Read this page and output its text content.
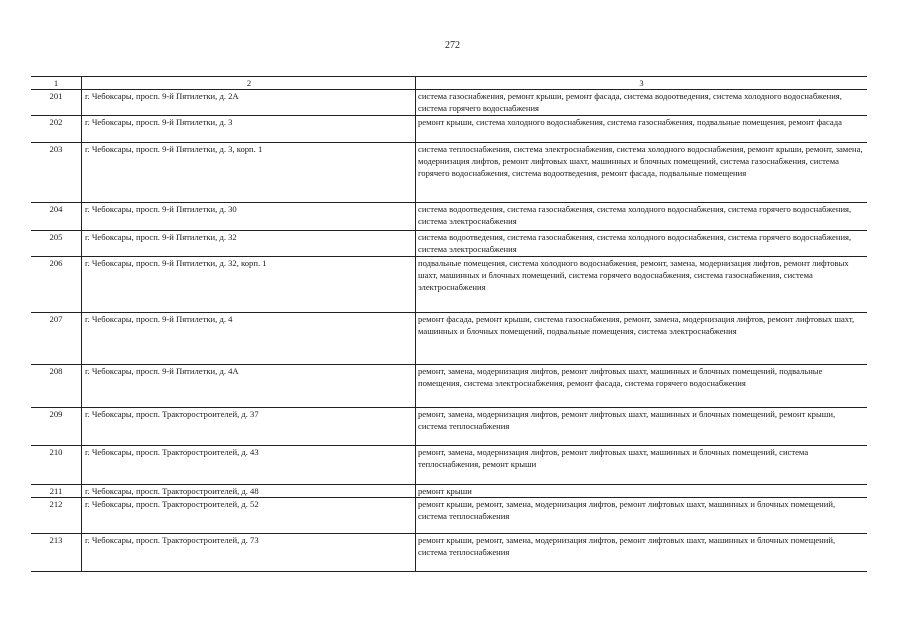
272
1	2	3
201	г. Чебоксары, просп. 9-й Пятилетки, д. 2А	система газоснабжения, ремонт крыши, ремонт фасада, система водоотведения, система холодного водоснабжения, система горячего водоснабжения
202	г. Чебоксары, просп. 9-й Пятилетки, д. 3	ремонт крыши, система холодного водоснабжения, система газоснабжения, подвальные помещения, ремонт фасада
203	г. Чебоксары, просп. 9-й Пятилетки, д. 3, корп. 1	система теплоснабжения, система электроснабжения, система холодного водоснабжения, ремонт крыши, ремонт, замена, модернизация лифтов, ремонт лифтовых шахт, машинных и блочных помещений, система газоснабжения, система горячего водоснабжения, система водоотведения, ремонт фасада, подвальные помещения
204	г. Чебоксары, просп. 9-й Пятилетки, д. 30	система водоотведения, система газоснабжения, система холодного водоснабжения, система горячего водоснабжения, система электроснабжения
205	г. Чебоксары, просп. 9-й Пятилетки, д. 32	система водоотведения, система газоснабжения, система холодного водоснабжения, система горячего водоснабжения, система электроснабжения
206	г. Чебоксары, просп. 9-й Пятилетки, д. 32, корп. 1	подвальные помещения, система холодного водоснабжения, ремонт, замена, модернизация лифтов, ремонт лифтовых шахт, машинных и блочных помещений, система горячего водоснабжения, система газоснабжения, система электроснабжения
207	г. Чебоксары, просп. 9-й Пятилетки, д. 4	ремонт фасада, ремонт крыши, система газоснабжения, ремонт, замена, модернизация лифтов, ремонт лифтовых шахт, машинных и блочных помещений, подвальные помещения, система электроснабжения
208	г. Чебоксары, просп. 9-й Пятилетки, д. 4А	ремонт, замена, модернизация лифтов, ремонт лифтовых шахт, машинных и блочных помещений, подвальные помещения, система электроснабжения, ремонт фасада, система горячего водоснабжения
209	г. Чебоксары, просп. Тракторостроителей, д. 37	ремонт, замена, модернизация лифтов, ремонт лифтовых шахт, машинных и блочных помещений, ремонт крыши, система теплоснабжения
210	г. Чебоксары, просп. Тракторостроителей, д. 43	ремонт, замена, модернизация лифтов, ремонт лифтовых шахт, машинных и блочных помещений, система теплоснабжения, ремонт крыши
211	г. Чебоксары, просп. Тракторостроителей, д. 48	ремонт крыши
212	г. Чебоксары, просп. Тракторостроителей, д. 52	ремонт крыши, ремонт, замена, модернизация лифтов, ремонт лифтовых шахт, машинных и блочных помещений, система теплоснабжения
213	г. Чебоксары, просп. Тракторостроителей, д. 73	ремонт крыши, ремонт, замена, модернизация лифтов, ремонт лифтовых шахт, машинных и блочных помещений, система теплоснабжения
